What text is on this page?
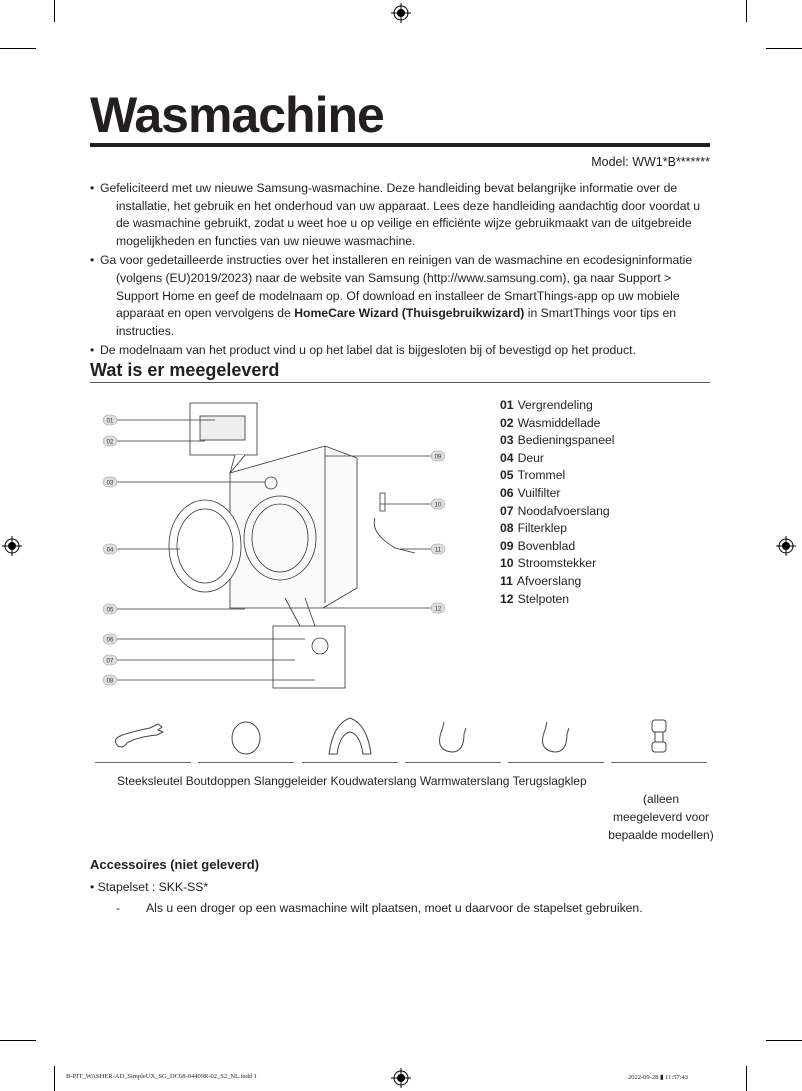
Wasmachine
Model: WW1*B*******
• Gefeliciteerd met uw nieuwe Samsung-wasmachine. Deze handleiding bevat belangrijke informatie over de installatie, het gebruik en het onderhoud van uw apparaat. Lees deze handleiding aandachtig door voordat u de wasmachine gebruikt, zodat u weet hoe u op veilige en efficiënte wijze gebruikmaakt van de uitgebreide mogelijkheden en functies van uw nieuwe wasmachine.
• Ga voor gedetailleerde instructies over het installeren en reinigen van de wasmachine en ecodesigninformatie (volgens (EU)2019/2023) naar de website van Samsung (http://www.samsung.com), ga naar Support > Support Home en geef de modelnaam op. Of download en installeer de SmartThings-app op uw mobiele apparaat en open vervolgens de HomeCare Wizard (Thuisgebruikwizard) in SmartThings voor tips en instructies.
• De modelnaam van het product vind u op het label dat is bijgesloten bij of bevestigd op het product.
Wat is er meegeleverd
01
02
03
04
05
06
07
08
09
10
11
12
01 Vergrendeling
02 Wasmiddellade
03 Bedieningspaneel
04 Deur
05 Trommel
06 Vuilfilter
07 Noodafvoerslang
08 Filterklep
09 Bovenblad
10 Stroomstekker
11 Afvoerslang
12 Stelpoten
Steeksleutel Boutdoppen Slanggeleider Koudwaterslang Warmwaterslang Terugslagklep
(alleen
meegeleverd voor
bepaalde modellen)
Accessoires (niet geleverd)
• Stapelset : SKK-SS*
- Als u een droger op een wasmachine wilt plaatsen, moet u daarvoor de stapelset gebruiken.
B-PJT_WASHER-AD_SimpleUX_SG_DC68-04409R-02_S2_NL.indd 1	2022-09-28 ▮ 11:57:43
